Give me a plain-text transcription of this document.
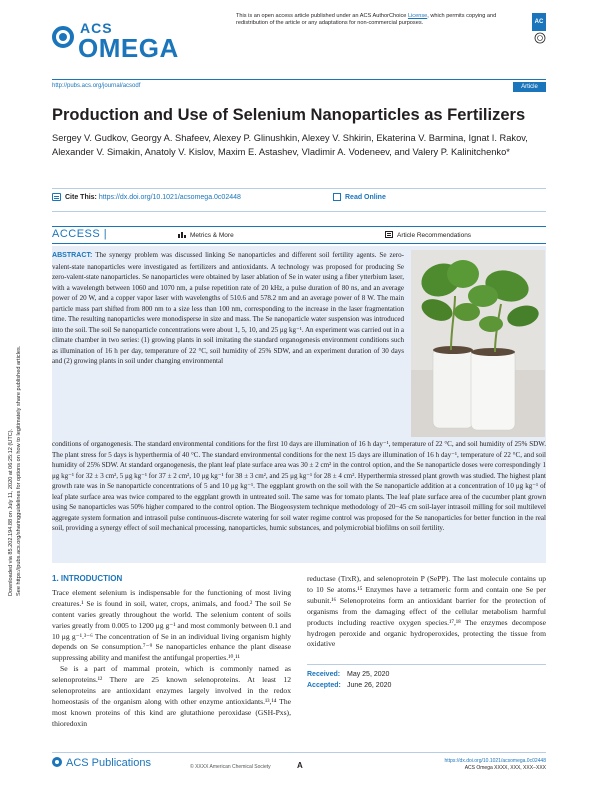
Downloaded via 85.202.194.88 on July 11, 2020 at 06:25:12 (UTC). See https://pubs.acs.org/sharingguidelines for options on how to legitimately share published articles.
ACS
OMEGA
This is an open access article published under an ACS AuthorChoice License, which permits copying and redistribution of the article or any adaptations for non-commercial purposes.	AC
http://pubs.acs.org/journal/acsodf	Article
Production and Use of Selenium Nanoparticles as Fertilizers
Sergey V. Gudkov, Georgy A. Shafeev, Alexey P. Glinushkin, Alexey V. Shkirin, Ekaterina V. Barmina, Ignat I. Rakov, Alexander V. Simakin, Anatoly V. Kislov, Maxim E. Astashev, Vladimir A. Vodeneev, and Valery P. Kalinitchenko*
Cite This: https://dx.doi.org/10.1021/acsomega.0c02448	Read Online
ACCESS |	Metrics & More	Article Recommendations
ABSTRACT: The synergy problem was discussed linking Se nanoparticles and different soil fertility agents. Se zero-valent-state nanoparticles were investigated as fertilizers and antioxidants. A technology was proposed for producing Se zero-valent-state nanoparticles. Se nanoparticles were obtained by laser ablation of Se in water using a fiber ytterbium laser, with a wavelength between 1060 and 1070 nm, a pulse repetition rate of 20 kHz, a pulse duration of 80 ns, and an average power of 20 W, and a copper vapor laser with wavelengths of 510.6 and 578.2 nm and an average power of 8 W. The main particle mass part shifted from 800 nm to a size less than 100 nm, corresponding to the increase in the laser fragmentation time. The resulting nanoparticles were monodisperse in size and mass. The Se nanoparticle water suspension was introduced into the soil. The soil Se nanoparticle concentrations were about 1, 5, 10, and 25 μg kg⁻¹. An experiment was carried out in a climate chamber in two series: (1) growing plants in soil imitating the standard organogenesis environment conditions such as illumination of 16 h per day, temperature of 22 °C, soil humidity of 25% SDW, and an experiment duration of 30 days and (2) growing plants in soil under changing environmental
conditions of organogenesis. The standard environmental conditions for the first 10 days are illumination of 16 h day⁻¹, temperature of 22 °C, and soil humidity of 25% SDW. The plant stress for 5 days is hyperthermia of 40 °C. The standard environmental conditions for the next 15 days are illumination of 16 h day⁻¹, temperature of 22 °C, and soil humidity of 25% SDW. At standard organogenesis, the plant leaf plate surface area was 30 ± 2 cm² in the control option, and the Se nanoparticle doses were correspondingly 1 μg kg⁻¹ for 32 ± 3 cm², 5 μg kg⁻¹ for 37 ± 2 cm², 10 μg kg⁻¹ for 38 ± 3 cm², and 25 μg kg⁻¹ for 28 ± 4 cm². Hyperthermia stressed plant growth was studied. The highest plant growth rate was in Se nanoparticle concentrations of 5 and 10 μg kg⁻¹. The eggplant growth on the soil with the Se nanoparticle addition at a concentration of 10 μg kg⁻¹ of leaf plate surface area was twice compared to the eggplant growth in untreated soil. The same was for tomato plants. The leaf plate surface area of the cucumber plant grown using Se nanoparticles was 50% higher compared to the control option. The Biogeosystem technique methodology of 20−45 cm soil-layer intrasoil milling for soil multilevel aggregate system formation and intrasoil pulse continuous-discrete watering for soil water regime control was proposed for the Se nanoparticles for better function in the real soil, providing a synergy effect of soil mechanical processing, nanoparticles, humic substances, and polymicrobial biofilms on soil fertility.
1. INTRODUCTION

Trace element selenium is indispensable for the functioning of most living creatures.¹ Se is found in soil, water, crops, animals, and food.² The soil Se content varies greatly throughout the world. The selenium content of soils varies greatly from 0.005 to 1200 μg g⁻¹ and most commonly between 0.1 and 10 μg g⁻¹.³⁻⁶ The concentration of Se in an individual living organism highly depends on Se consumption.⁷⁻⁹ Se nanoparticles enhance the plant disease suppressing ability and manifest the antifungal properties.¹⁰,¹¹

Se is a part of mammal protein, which is commonly named as selenoproteins.¹² There are 25 known selenoproteins. At least 12 selenoproteins are antioxidant enzymes largely involved in the redox homeostasis of the organism along with other enzyme antioxidants.¹³,¹⁴ The most known proteins of this kind are glutathione peroxidase (GSH-Pxs), thioredoxin

reductase (TrxR), and selenoprotein P (SePP). The last molecule contains up to 10 Se atoms.¹⁵ Enzymes have a tetrameric form and contain one Se per subunit.¹⁶ Selenoproteins form an antioxidant barrier for the protection of organisms from the damaging effect of the cellular metabolism harmful products including reactive oxygen species.¹⁷,¹⁸ The enzymes decompose hydrogen peroxide and organic hydroperoxides, protecting the tissue from oxidative

Received: May 25, 2020
Accepted: June 26, 2020
ACS Publications	© XXXX American Chemical Society	A	https://dx.doi.org/10.1021/acsomega.0c02448
ACS Omega XXXX, XXX, XXX−XXX
